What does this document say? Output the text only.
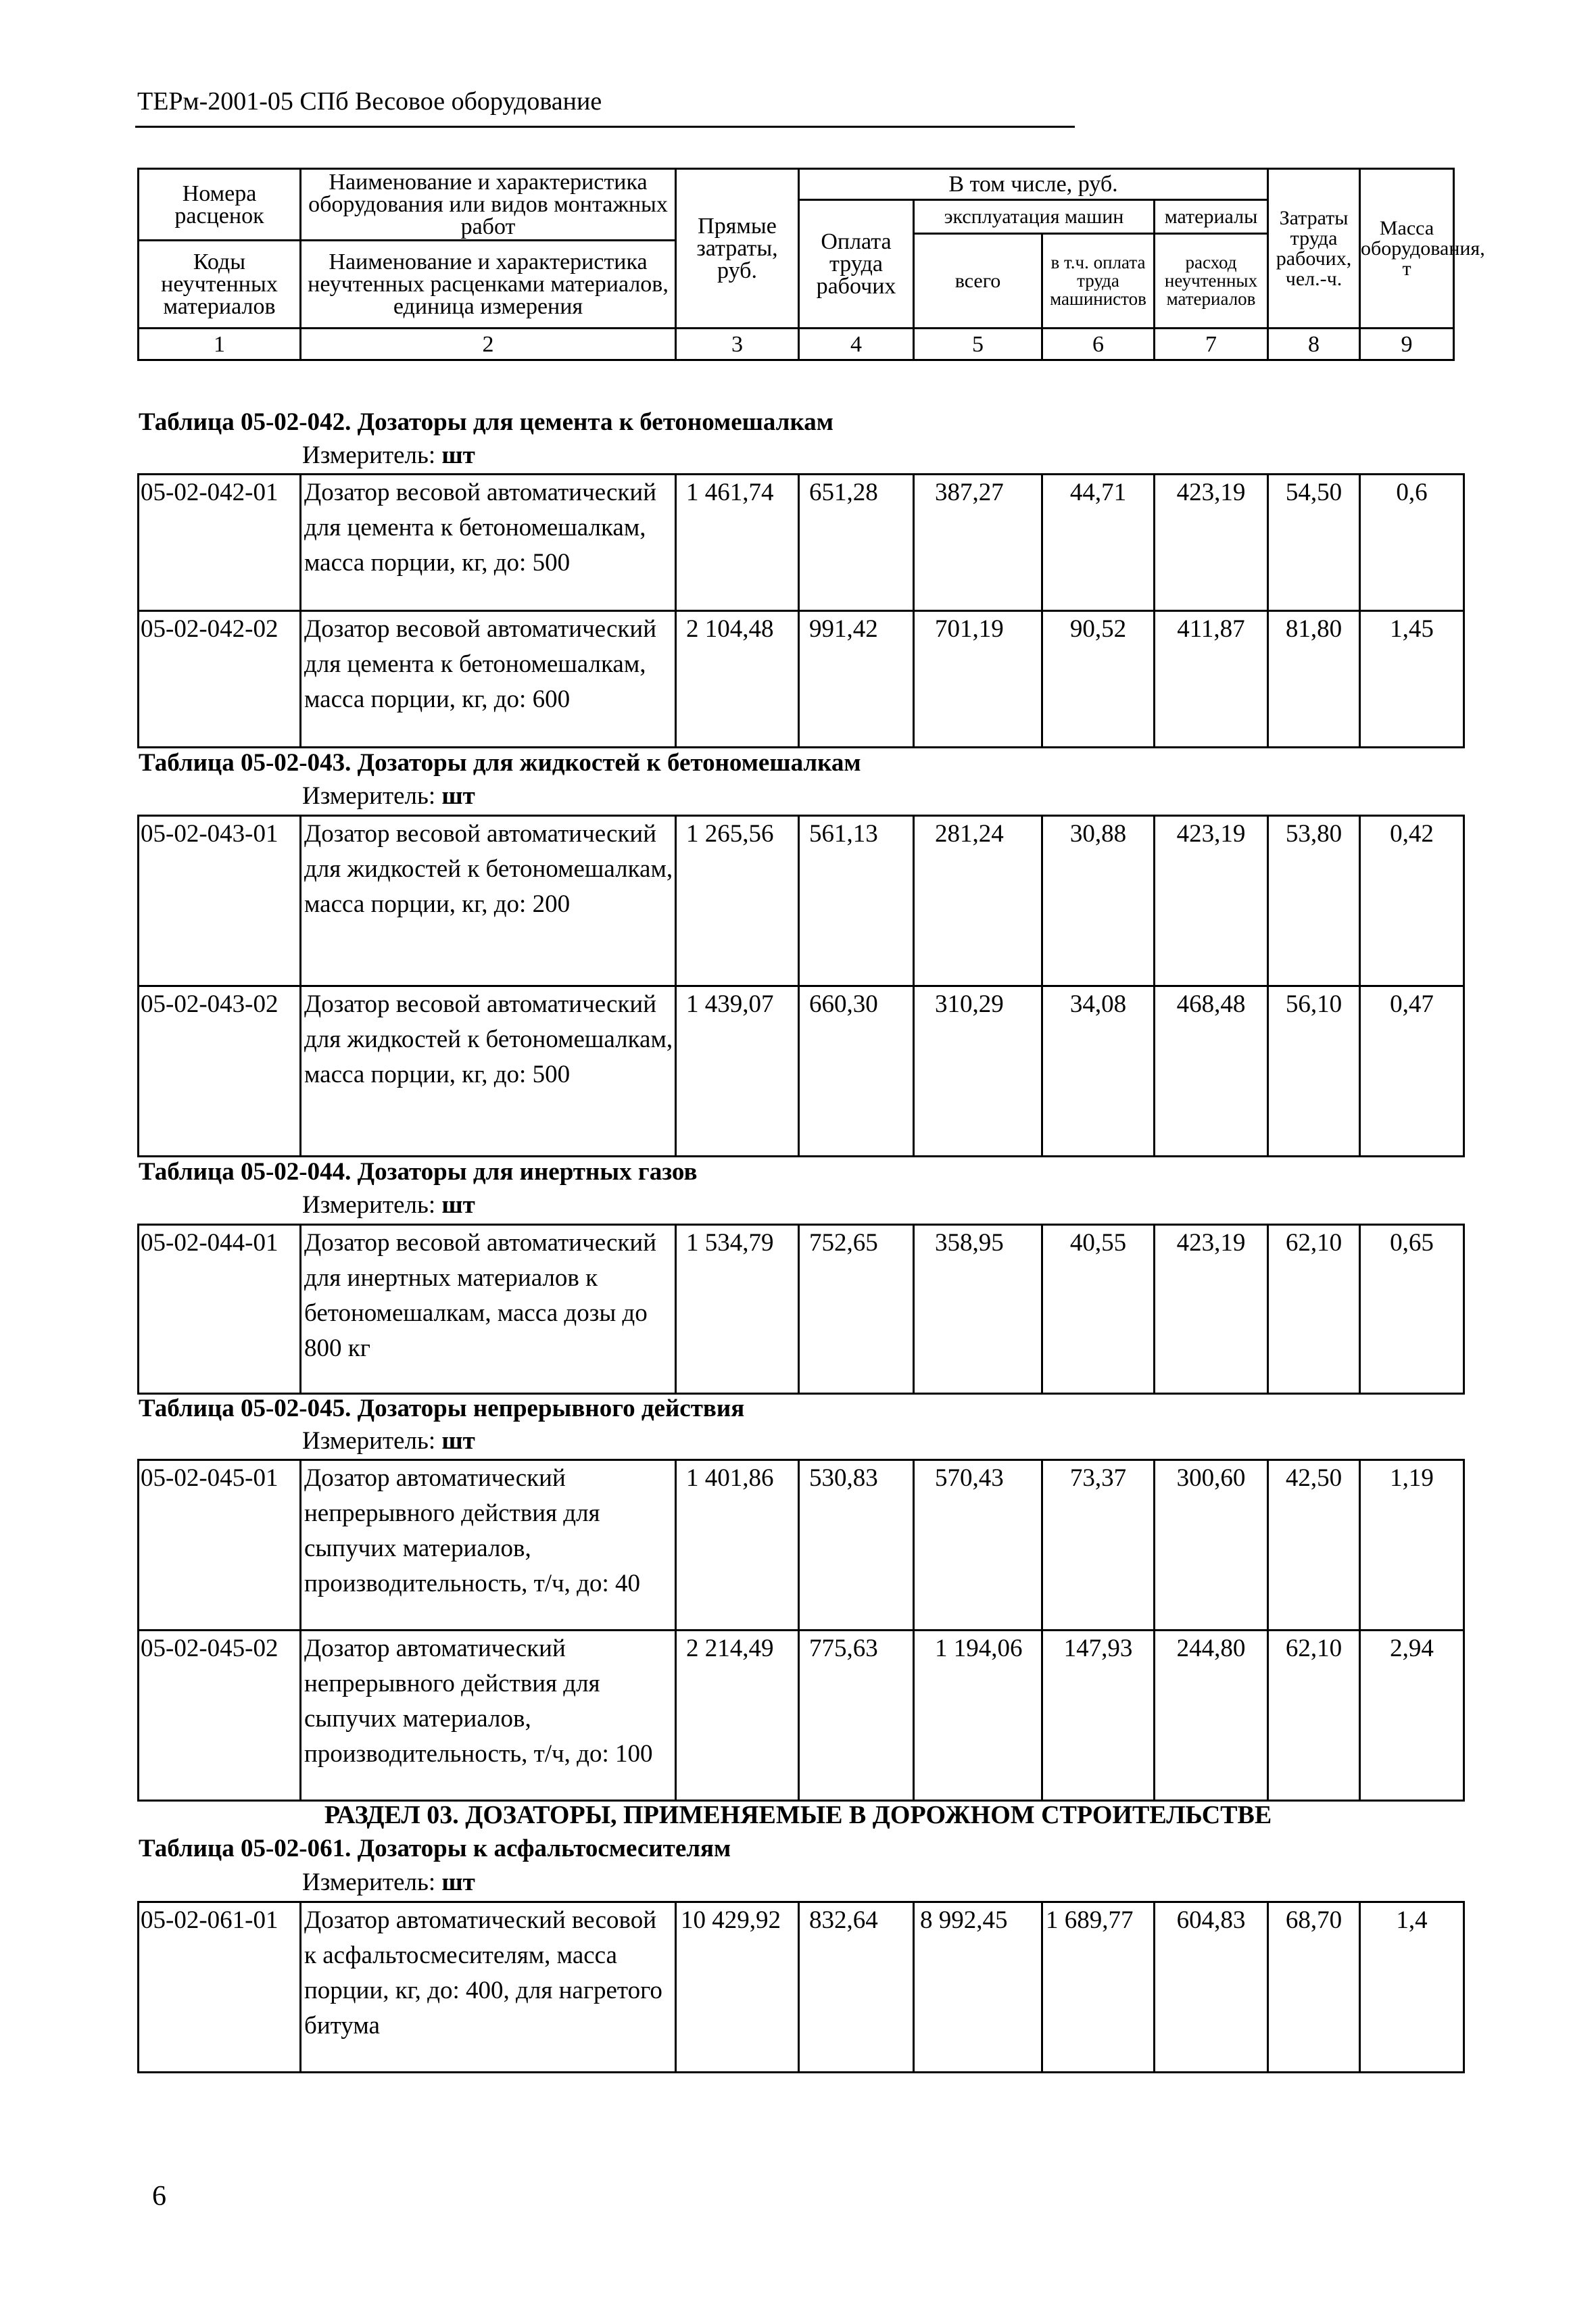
ТЕРм-2001-05 СПб Весовое оборудование
Номера расценок	Наименование и характеристика оборудования или видов монтажных работ	Прямые затраты, руб.	В том числе, руб.				Затраты труда рабочих, чел.-ч.	Масса оборудования, т
			Оплата труда рабочих	эксплуатация машин		материалы		
				всего	в т.ч. оплата труда машинистов	расход неучтенных материалов		
Коды неучтенных материалов	Наименование и характеристика неучтенных расценками материалов, единица измерения							

1	2	3	4	5	6	7	8	9
Таблица 05-02-042. Дозаторы для цемента к бетономешалкам
Измеритель: шт
05-02-042-01	Дозатор весовой автоматический для цемента к бетономешалкам, масса порции, кг, до: 500	1 461,74	651,28	387,27	44,71	423,19	54,50	0,6
05-02-042-02	Дозатор весовой автоматический для цемента к бетономешалкам, масса порции, кг, до: 600	2 104,48	991,42	701,19	90,52	411,87	81,80	1,45
Таблица 05-02-043. Дозаторы для жидкостей к бетономешалкам
Измеритель: шт
05-02-043-01	Дозатор весовой автоматический для жидкостей к бетономешалкам, масса порции, кг, до: 200	1 265,56	561,13	281,24	30,88	423,19	53,80	0,42
05-02-043-02	Дозатор весовой автоматический для жидкостей к бетономешалкам, масса порции, кг, до: 500	1 439,07	660,30	310,29	34,08	468,48	56,10	0,47
Таблица 05-02-044. Дозаторы для инертных газов
Измеритель: шт
05-02-044-01	Дозатор весовой автоматический для инертных материалов к бетономешалкам, масса дозы до 800 кг	1 534,79	752,65	358,95	40,55	423,19	62,10	0,65
Таблица 05-02-045. Дозаторы непрерывного действия
Измеритель: шт
05-02-045-01	Дозатор автоматический непрерывного действия для сыпучих материалов, производительность, т/ч, до: 40	1 401,86	530,83	570,43	73,37	300,60	42,50	1,19
05-02-045-02	Дозатор автоматический непрерывного действия для сыпучих материалов, производительность, т/ч, до: 100	2 214,49	775,63	1 194,06	147,93	244,80	62,10	2,94
РАЗДЕЛ 03. ДОЗАТОРЫ, ПРИМЕНЯЕМЫЕ В ДОРОЖНОМ СТРОИТЕЛЬСТВЕ
Таблица 05-02-061. Дозаторы к асфальтосмесителям
Измеритель: шт
05-02-061-01	Дозатор автоматический весовой к асфальтосмесителям, масса порции, кг, до: 400, для нагретого битума	10 429,92	832,64	8 992,45	1 689,77	604,83	68,70	1,4
6
